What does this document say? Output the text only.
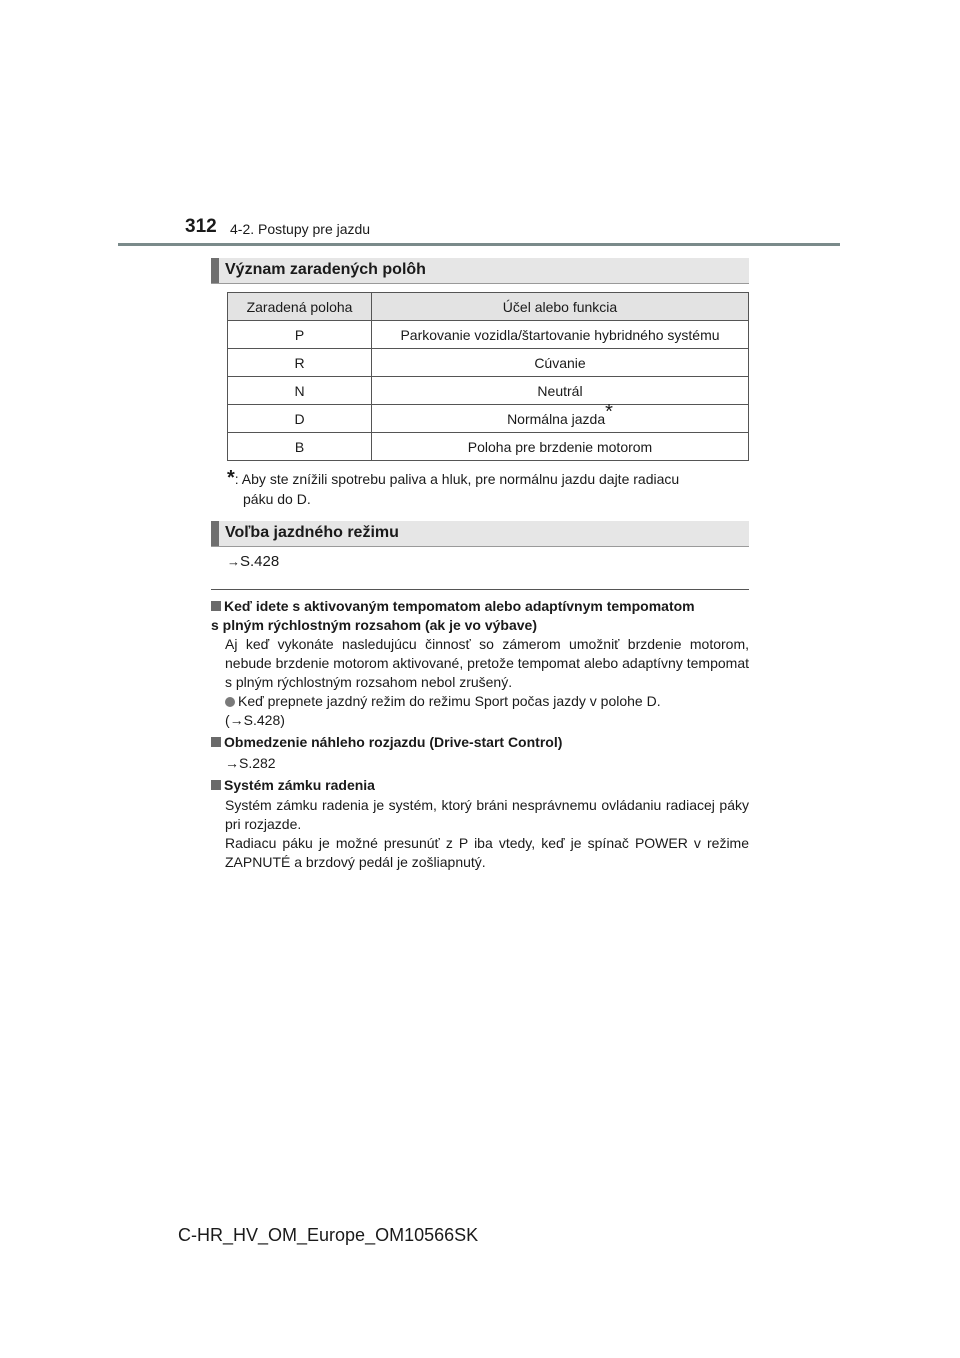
312 4-2. Postupy pre jazdu
Význam zaradených polôh
Zaradená poloha	Účel alebo funkcia
P	Parkovanie vozidla/štartovanie hybridného systému
R	Cúvanie
N	Neutrál
D	Normálna jazda*
B	Poloha pre brzdenie motorom
*: Aby ste znížili spotrebu paliva a hluk, pre normálnu jazdu dajte radiacu
páku do D.
Voľba jazdného režimu
→S.428
Keď idete s aktivovaným tempomatom alebo adaptívnym tempomatom
s plným rýchlostným rozsahom (ak je vo výbave)
Aj keď vykonáte nasledujúcu činnosť so zámerom umožniť brzdenie motorom, nebude brzdenie motorom aktivované, pretože tempomat alebo adaptívny tempomat s plným rýchlostným rozsahom nebol zrušený.
Keď prepnete jazdný režim do režimu Sport počas jazdy v polohe D.
(→S.428)
Obmedzenie náhleho rozjazdu (Drive-start Control)
→S.282
Systém zámku radenia
Systém zámku radenia je systém, ktorý bráni nesprávnemu ovládaniu radiacej páky pri rozjazde.
Radiacu páku je možné presunúť z P iba vtedy, keď je spínač POWER v režime ZAPNUTÉ a brzdový pedál je zošliapnutý.
C-HR_HV_OM_Europe_OM10566SK
